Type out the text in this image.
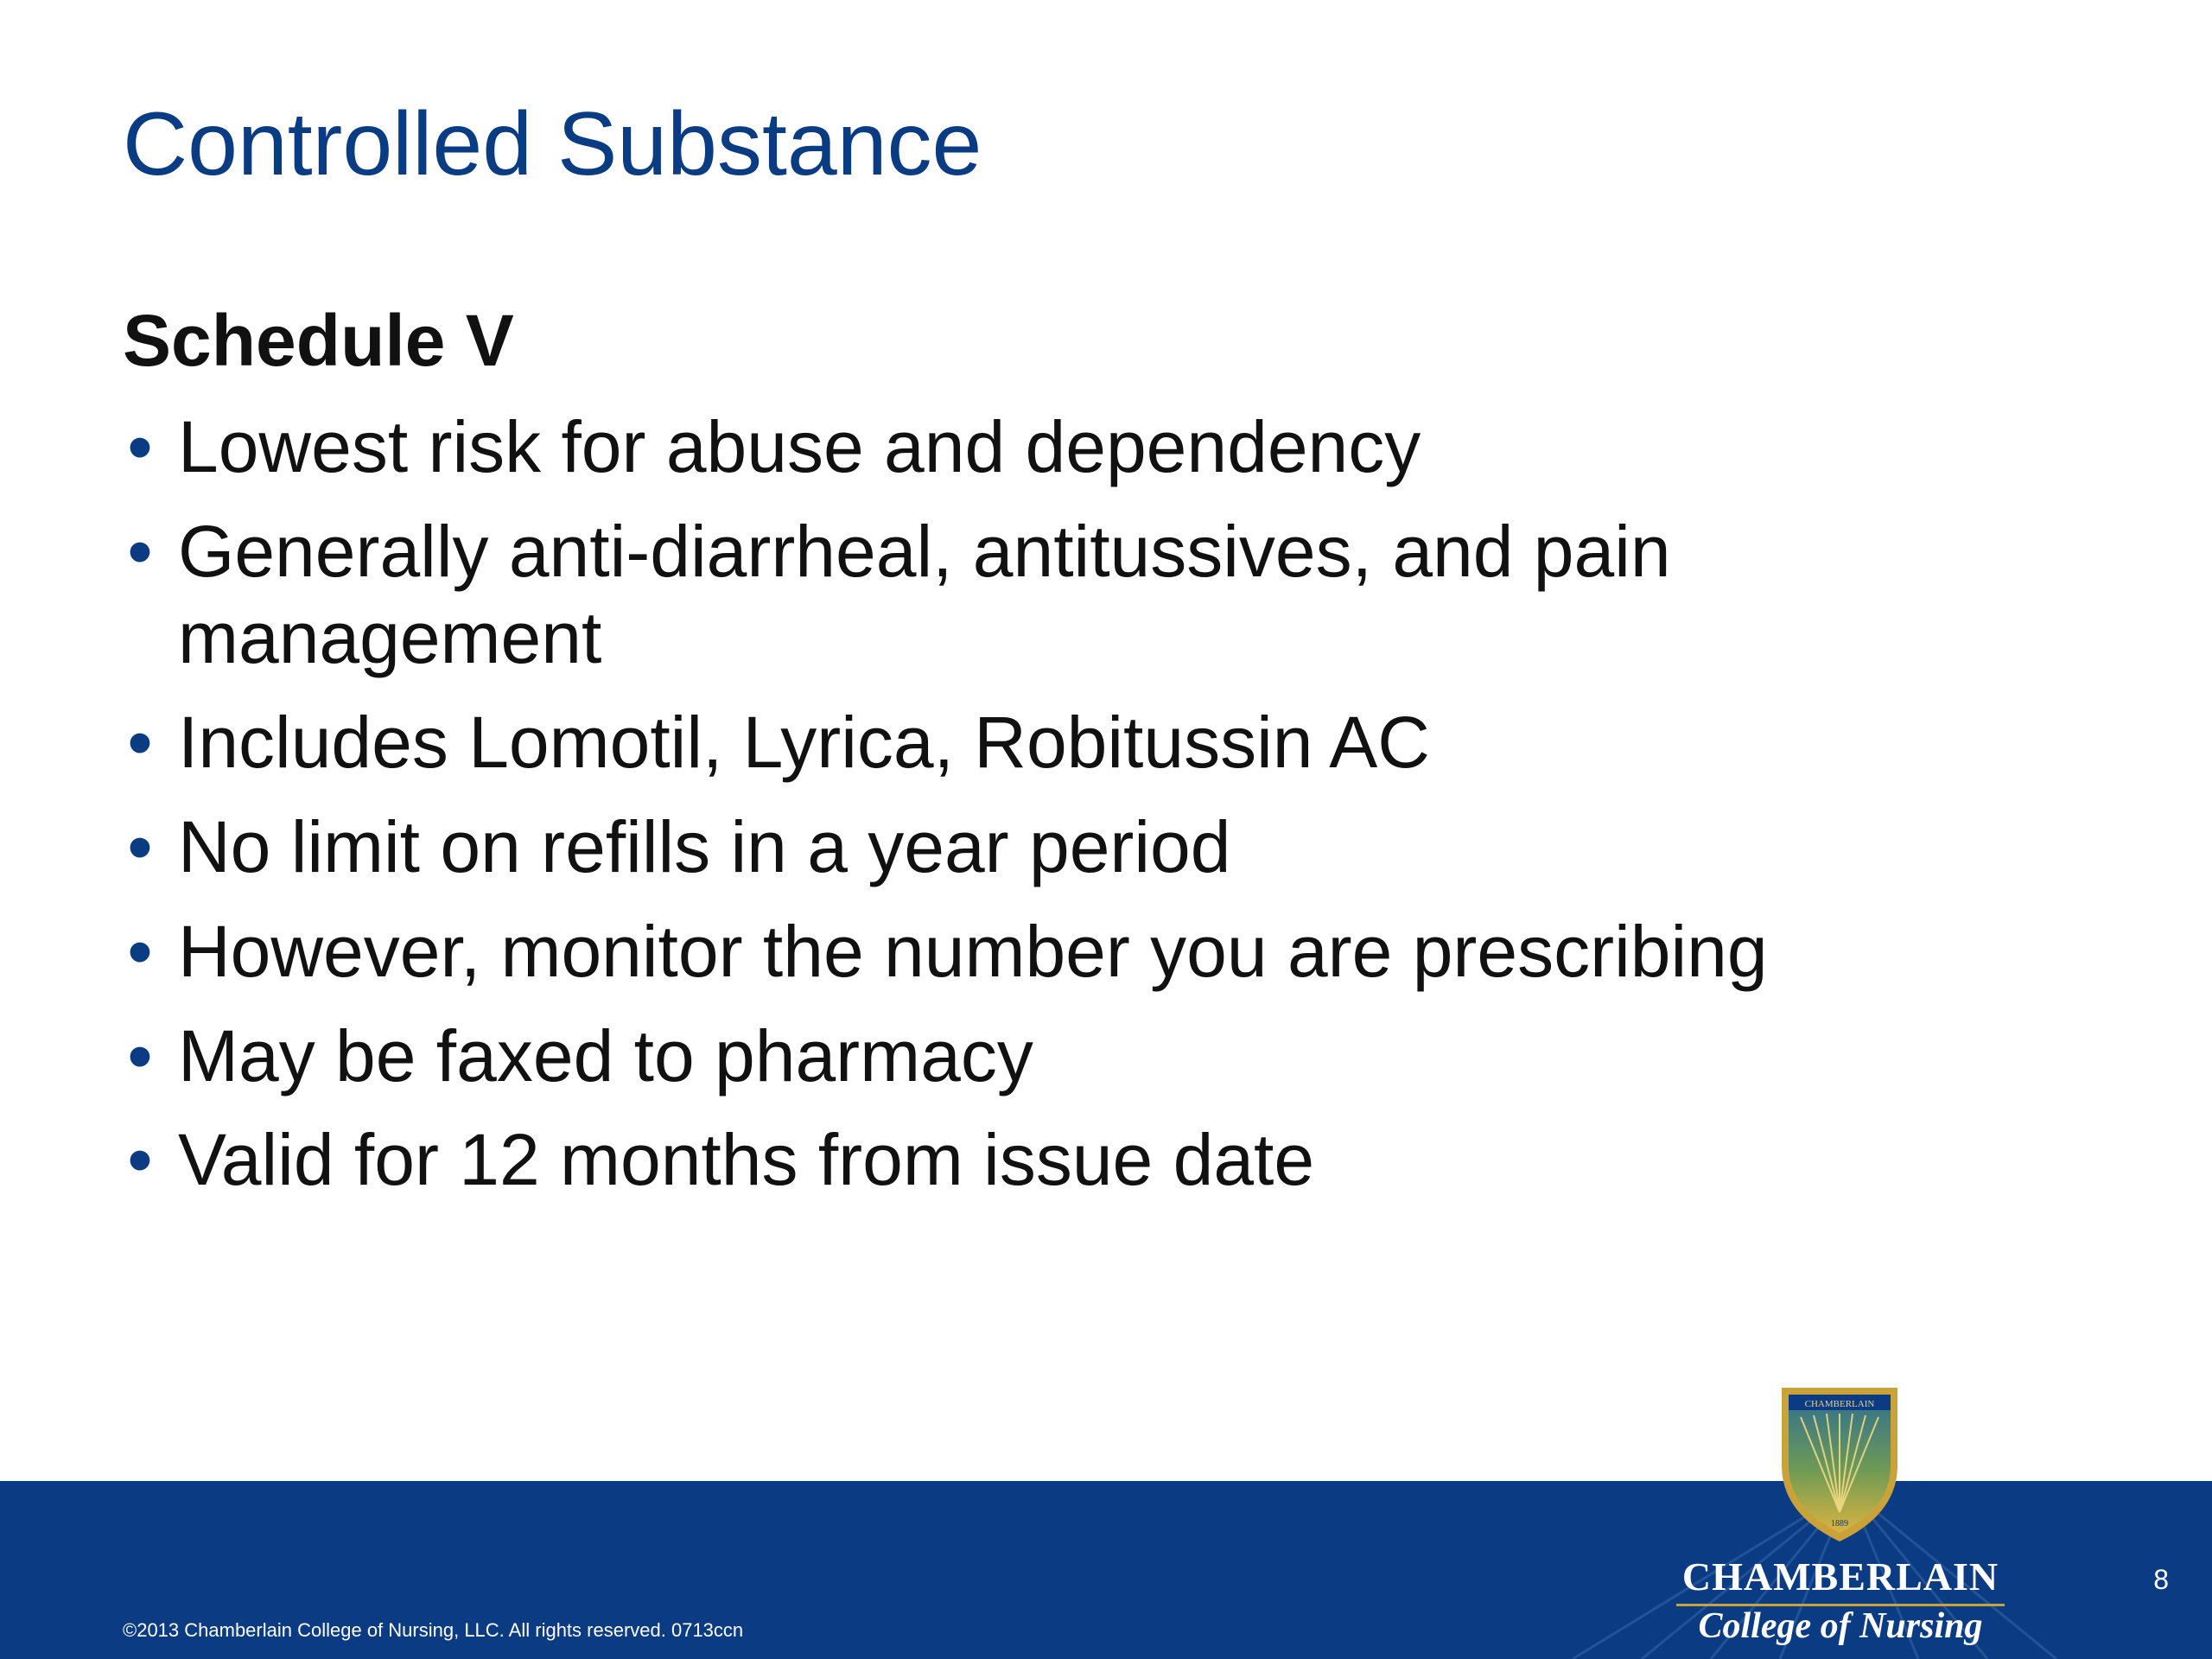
Controlled Substance

Schedule V

• Lowest risk for abuse and dependency
• Generally anti-diarrheal, antitussives, and pain management
• Includes Lomotil, Lyrica, Robitussin AC
• No limit on refills in a year period
• However, monitor the number you are prescribing
• May be faxed to pharmacy
• Valid for 12 months from issue date
©2013 Chamberlain College of Nursing, LLC. All rights reserved. 0713ccn
8
CHAMBERLAIN
1889
CHAMBERLAIN
College of Nursing
